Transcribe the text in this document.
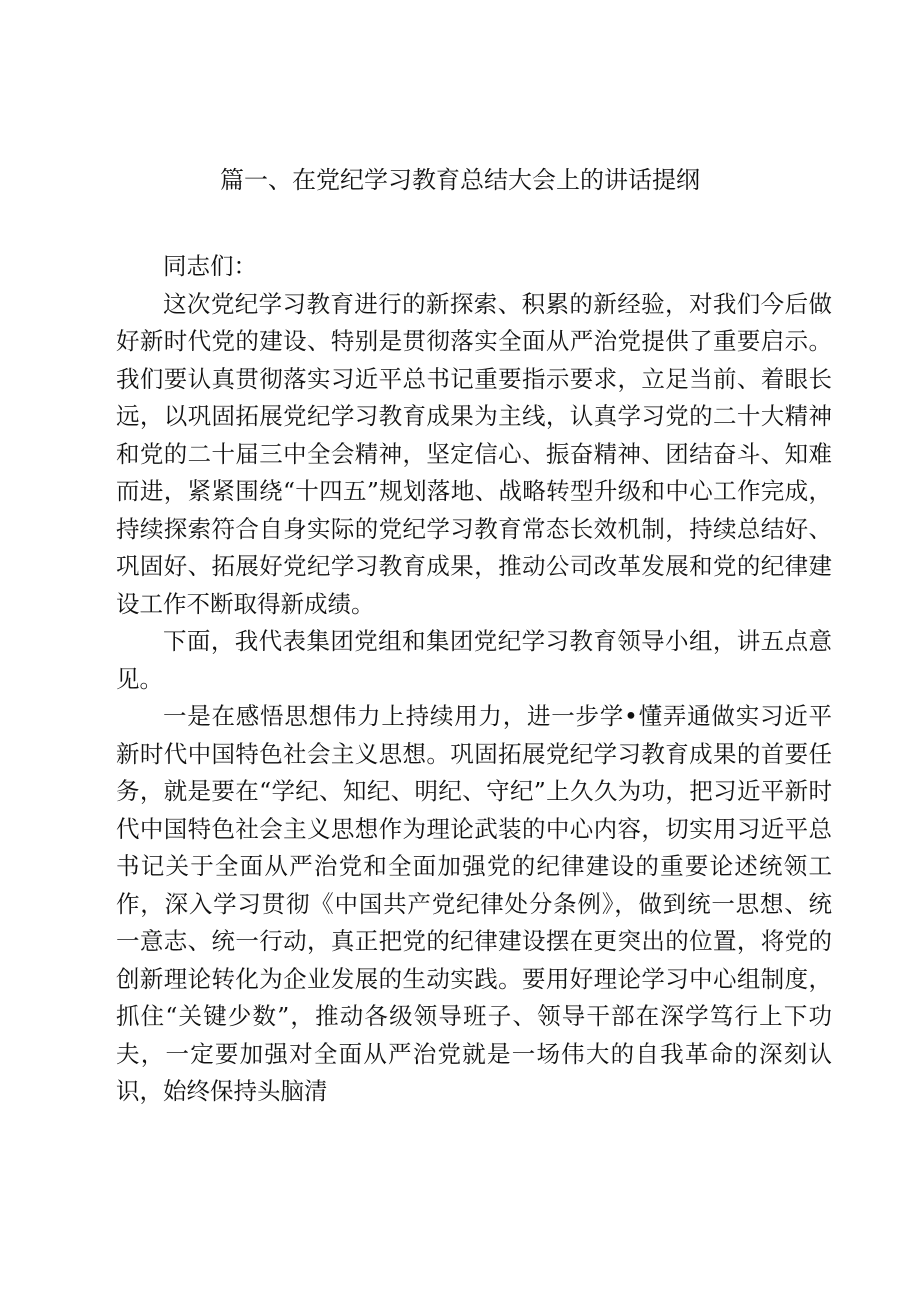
篇一、在党纪学习教育总结大会上的讲话提纲

同志们：

这次党纪学习教育进行的新探索、积累的新经验，对我们今后做好新时代党的建设、特别是贯彻落实全面从严治党提供了重要启示。我们要认真贯彻落实习近平总书记重要指示要求，立足当前、着眼长远，以巩固拓展党纪学习教育成果为主线，认真学习党的二十大精神和党的二十届三中全会精神，坚定信心、振奋精神、团结奋斗、知难而进，紧紧围绕“十四五”规划落地、战略转型升级和中心工作完成，持续探索符合自身实际的党纪学习教育常态长效机制，持续总结好、巩固好、拓展好党纪学习教育成果，推动公司改革发展和党的纪律建设工作不断取得新成绩。

下面，我代表集团党组和集团党纪学习教育领导小组，讲五点意见。

一是在感悟思想伟力上持续用力，进一步学•懂弄通做实习近平新时代中国特色社会主义思想。巩固拓展党纪学习教育成果的首要任务，就是要在“学纪、知纪、明纪、守纪”上久久为功，把习近平新时代中国特色社会主义思想作为理论武装的中心内容，切实用习近平总书记关于全面从严治党和全面加强党的纪律建设的重要论述统领工作，深入学习贯彻《中国共产党纪律处分条例》，做到统一思想、统一意志、统一行动，真正把党的纪律建设摆在更突出的位置，将党的创新理论转化为企业发展的生动实践。要用好理论学习中心组制度，抓住“关键少数”，推动各级领导班子、领导干部在深学笃行上下功夫，一定要加强对全面从严治党就是一场伟大的自我革命的深刻认识，始终保持头脑清
